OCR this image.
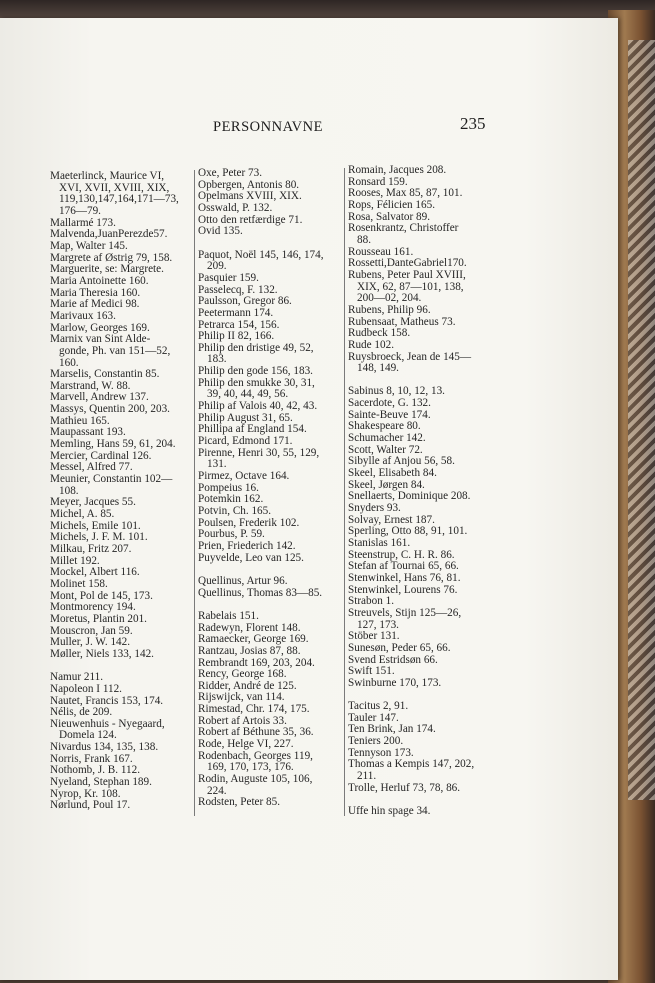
PERSONNAVNE	235
Maeterlinck, Maurice VI,
XVI, XVII, XVIII, XIX,
119,130,147,164,171—73,
176—79.
Mallarmé 173.
Malvenda,JuanPerezde57.
Map, Walter 145.
Margrete af Østrig 79, 158.
Marguerite, se: Margrete.
Maria Antoinette 160.
Maria Theresia 160.
Marie af Medici 98.
Marivaux 163.
Marlow, Georges 169.
Marnix van Sint Alde-
gonde, Ph. van 151—52,
160.
Marselis, Constantin 85.
Marstrand, W. 88.
Marvell, Andrew 137.
Massys, Quentin 200, 203.
Mathieu 165.
Maupassant 193.
Memling, Hans 59, 61, 204.
Mercier, Cardinal 126.
Messel, Alfred 77.
Meunier, Constantin 102—
108.
Meyer, Jacques 55.
Michel, A. 85.
Michels, Emile 101.
Michels, J. F. M. 101.
Milkau, Fritz 207.
Millet 192.
Mockel, Albert 116.
Molinet 158.
Mont, Pol de 145, 173.
Montmorency 194.
Moretus, Plantin 201.
Mouscron, Jan 59.
Muller, J. W. 142.
Møller, Niels 133, 142.
Namur 211.
Napoleon I 112.
Nautet, Francis 153, 174.
Nélis, de 209.
Nieuwenhuis - Nyegaard,
Domela 124.
Nivardus 134, 135, 138.
Norris, Frank 167.
Nothomb, J. B. 112.
Nyeland, Stephan 189.
Nyrop, Kr. 108.
Nørlund, Poul 17.
Oxe, Peter 73.
Opbergen, Antonis 80.
Opelmans XVIII, XIX.
Osswald, P. 132.
Otto den retfærdige 71.
Ovid 135.
Paquot, Noël 145, 146, 174,
209.
Pasquier 159.
Passelecq, F. 132.
Paulsson, Gregor 86.
Peetermann 174.
Petrarca 154, 156.
Philip II 82, 166.
Philip den dristige 49, 52,
183.
Philip den gode 156, 183.
Philip den smukke 30, 31,
39, 40, 44, 49, 56.
Philip af Valois 40, 42, 43.
Philip August 31, 65.
Phillipa af England 154.
Picard, Edmond 171.
Pirenne, Henri 30, 55, 129,
131.
Pirmez, Octave 164.
Pompeius 16.
Potemkin 162.
Potvin, Ch. 165.
Poulsen, Frederik 102.
Pourbus, P. 59.
Prien, Friederich 142.
Puyvelde, Leo van 125.
Quellinus, Artur 96.
Quellinus, Thomas 83—85.
Rabelais 151.
Radewyn, Florent 148.
Ramaecker, George 169.
Rantzau, Josias 87, 88.
Rembrandt 169, 203, 204.
Rency, George 168.
Ridder, André de 125.
Rijswijck, van 114.
Rimestad, Chr. 174, 175.
Robert af Artois 33.
Robert af Béthune 35, 36.
Rode, Helge VI, 227.
Rodenbach, Georges 119,
169, 170, 173, 176.
Rodin, Auguste 105, 106,
224.
Rodsten, Peter 85.
Romain, Jacques 208.
Ronsard 159.
Rooses, Max 85, 87, 101.
Rops, Félicien 165.
Rosa, Salvator 89.
Rosenkrantz, Christoffer
88.
Rousseau 161.
Rossetti,DanteGabriel170.
Rubens, Peter Paul XVIII,
XIX, 62, 87—101, 138,
200—02, 204.
Rubens, Philip 96.
Rubensaat, Matheus 73.
Rudbeck 158.
Rude 102.
Ruysbroeck, Jean de 145—
148, 149.
Sabinus 8, 10, 12, 13.
Sacerdote, G. 132.
Sainte-Beuve 174.
Shakespeare 80.
Schumacher 142.
Scott, Walter 72.
Sibylle af Anjou 56, 58.
Skeel, Elisabeth 84.
Skeel, Jørgen 84.
Snellaerts, Dominique 208.
Snyders 93.
Solvay, Ernest 187.
Sperling, Otto 88, 91, 101.
Stanislas 161.
Steenstrup, C. H. R. 86.
Stefan af Tournai 65, 66.
Stenwinkel, Hans 76, 81.
Stenwinkel, Lourens 76.
Strabon 1.
Streuvels, Stijn 125—26,
127, 173.
Stöber 131.
Sunesøn, Peder 65, 66.
Svend Estridsøn 66.
Swift 151.
Swinburne 170, 173.
Tacitus 2, 91.
Tauler 147.
Ten Brink, Jan 174.
Teniers 200.
Tennyson 173.
Thomas a Kempis 147, 202,
211.
Trolle, Herluf 73, 78, 86.
Uffe hin spage 34.
